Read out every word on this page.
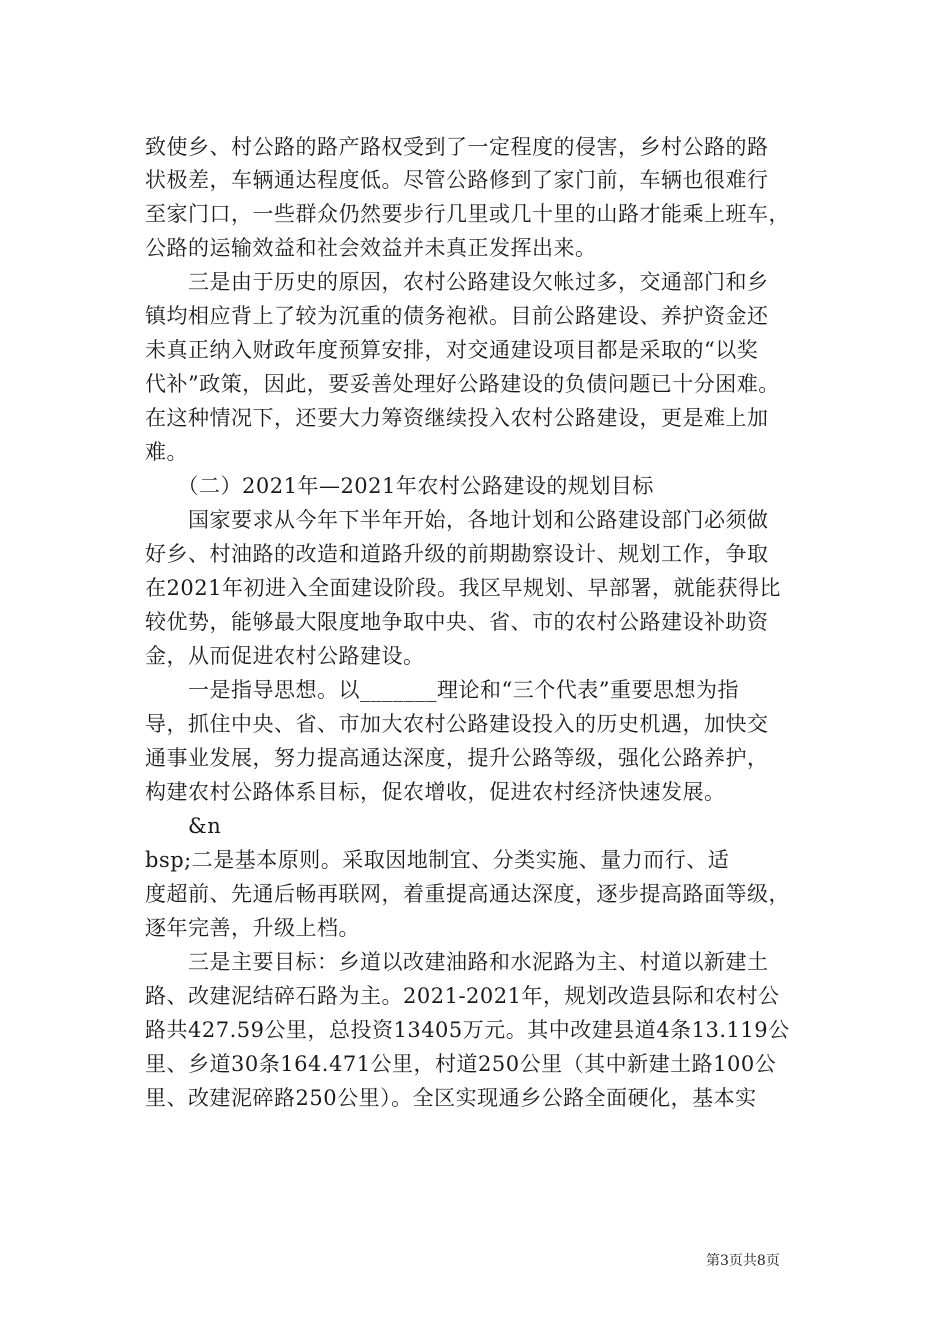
致使乡、村公路的路产路权受到了一定程度的侵害，乡村公路的路
状极差，车辆通达程度低。尽管公路修到了家门前，车辆也很难行
至家门口，一些群众仍然要步行几里或几十里的山路才能乘上班车，
公路的运输效益和社会效益并未真正发挥出来。
　　三是由于历史的原因，农村公路建设欠帐过多，交通部门和乡
镇均相应背上了较为沉重的债务袍袱。目前公路建设、养护资金还
未真正纳入财政年度预算安排，对交通建设项目都是采取的“以奖
代补”政策，因此，要妥善处理好公路建设的负债问题已十分困难。
在这种情况下，还要大力筹资继续投入农村公路建设，更是难上加
难。
　　（二）2021年—2021年农村公路建设的规划目标
　　国家要求从今年下半年开始，各地计划和公路建设部门必须做
好乡、村油路的改造和道路升级的前期勘察设计、规划工作，争取
在2021年初进入全面建设阶段。我区早规划、早部署，就能获得比
较优势，能够最大限度地争取中央、省、市的农村公路建设补助资
金，从而促进农村公路建设。
　　一是指导思想。以_______理论和“三个代表”重要思想为指
导，抓住中央、省、市加大农村公路建设投入的历史机遇，加快交
通事业发展，努力提高通达深度，提升公路等级，强化公路养护，
构建农村公路体系目标，促农增收，促进农村经济快速发展。
　　&n
bsp;二是基本原则。采取因地制宜、分类实施、量力而行、适
度超前、先通后畅再联网，着重提高通达深度，逐步提高路面等级，
逐年完善，升级上档。
　　三是主要目标：乡道以改建油路和水泥路为主、村道以新建土
路、改建泥结碎石路为主。2021-2021年，规划改造县际和农村公
路共427.59公里，总投资13405万元。其中改建县道4条13.119公
里、乡道30条164.471公里，村道250公里（其中新建土路100公
里、改建泥碎路250公里）。全区实现通乡公路全面硬化，基本实
第3页共8页
